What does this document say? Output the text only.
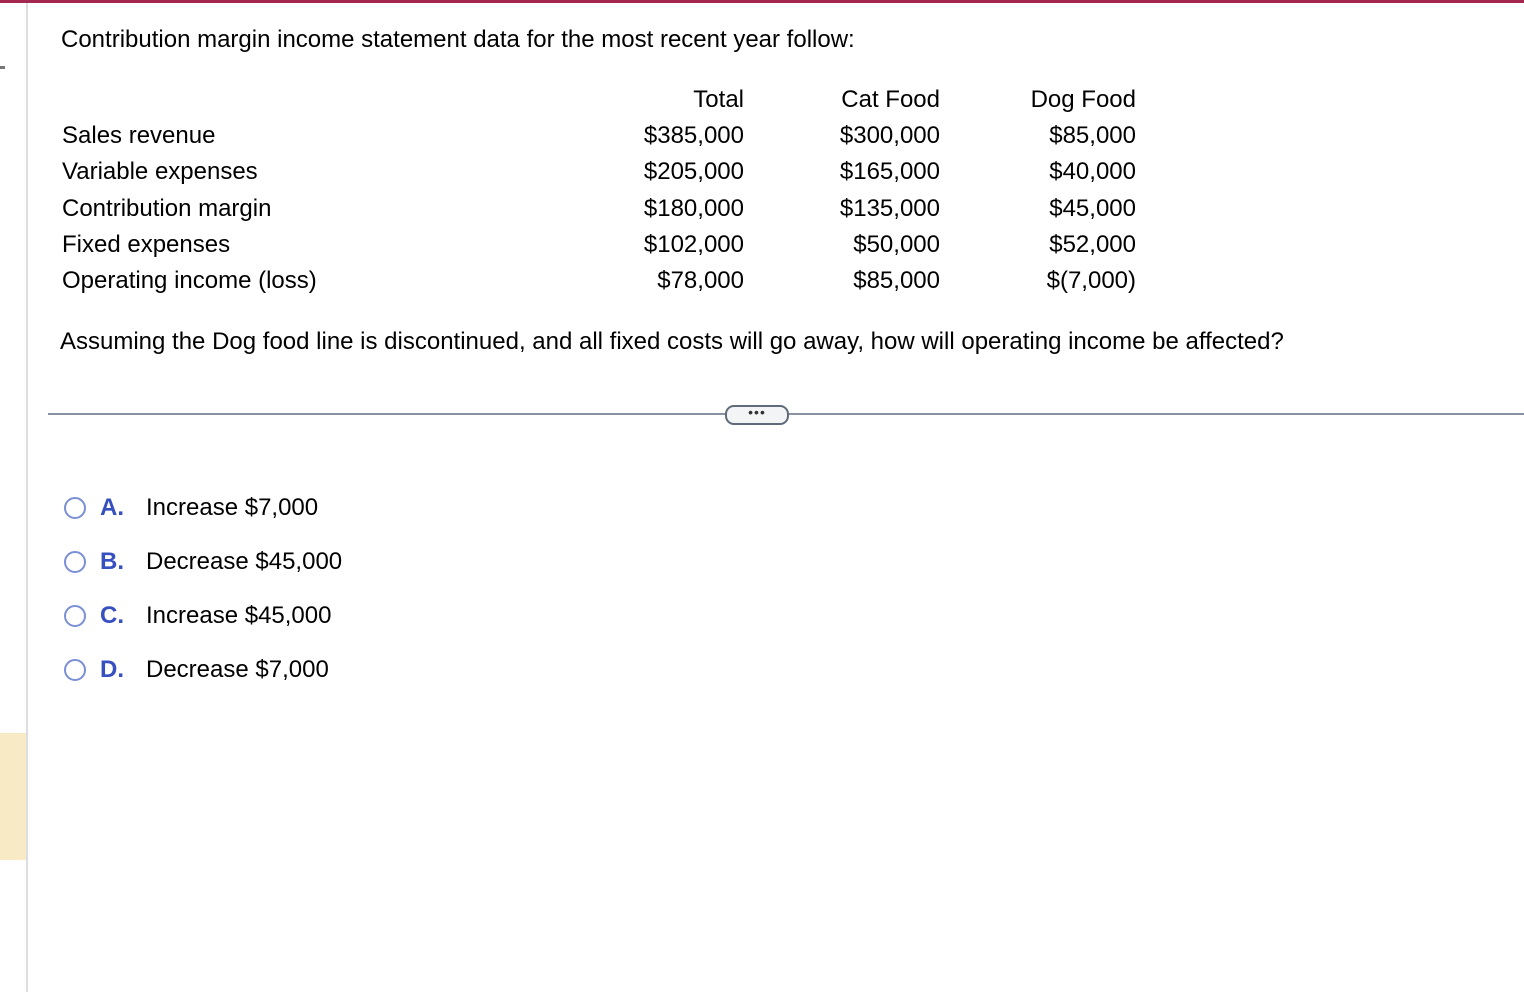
Contribution margin income statement data for the most recent year follow:
	Total	Cat Food	Dog Food
Sales revenue	$385,000	$300,000	$85,000
Variable expenses	$205,000	$165,000	$40,000
Contribution margin	$180,000	$135,000	$45,000
Fixed expenses	$102,000	$50,000	$52,000
Operating income (loss)	$78,000	$85,000	$(7,000)
Assuming the Dog food line is discontinued, and all fixed costs will go away, how will operating income be affected?
•••
A. Increase $7,000
B. Decrease $45,000
C. Increase $45,000
D. Decrease $7,000
